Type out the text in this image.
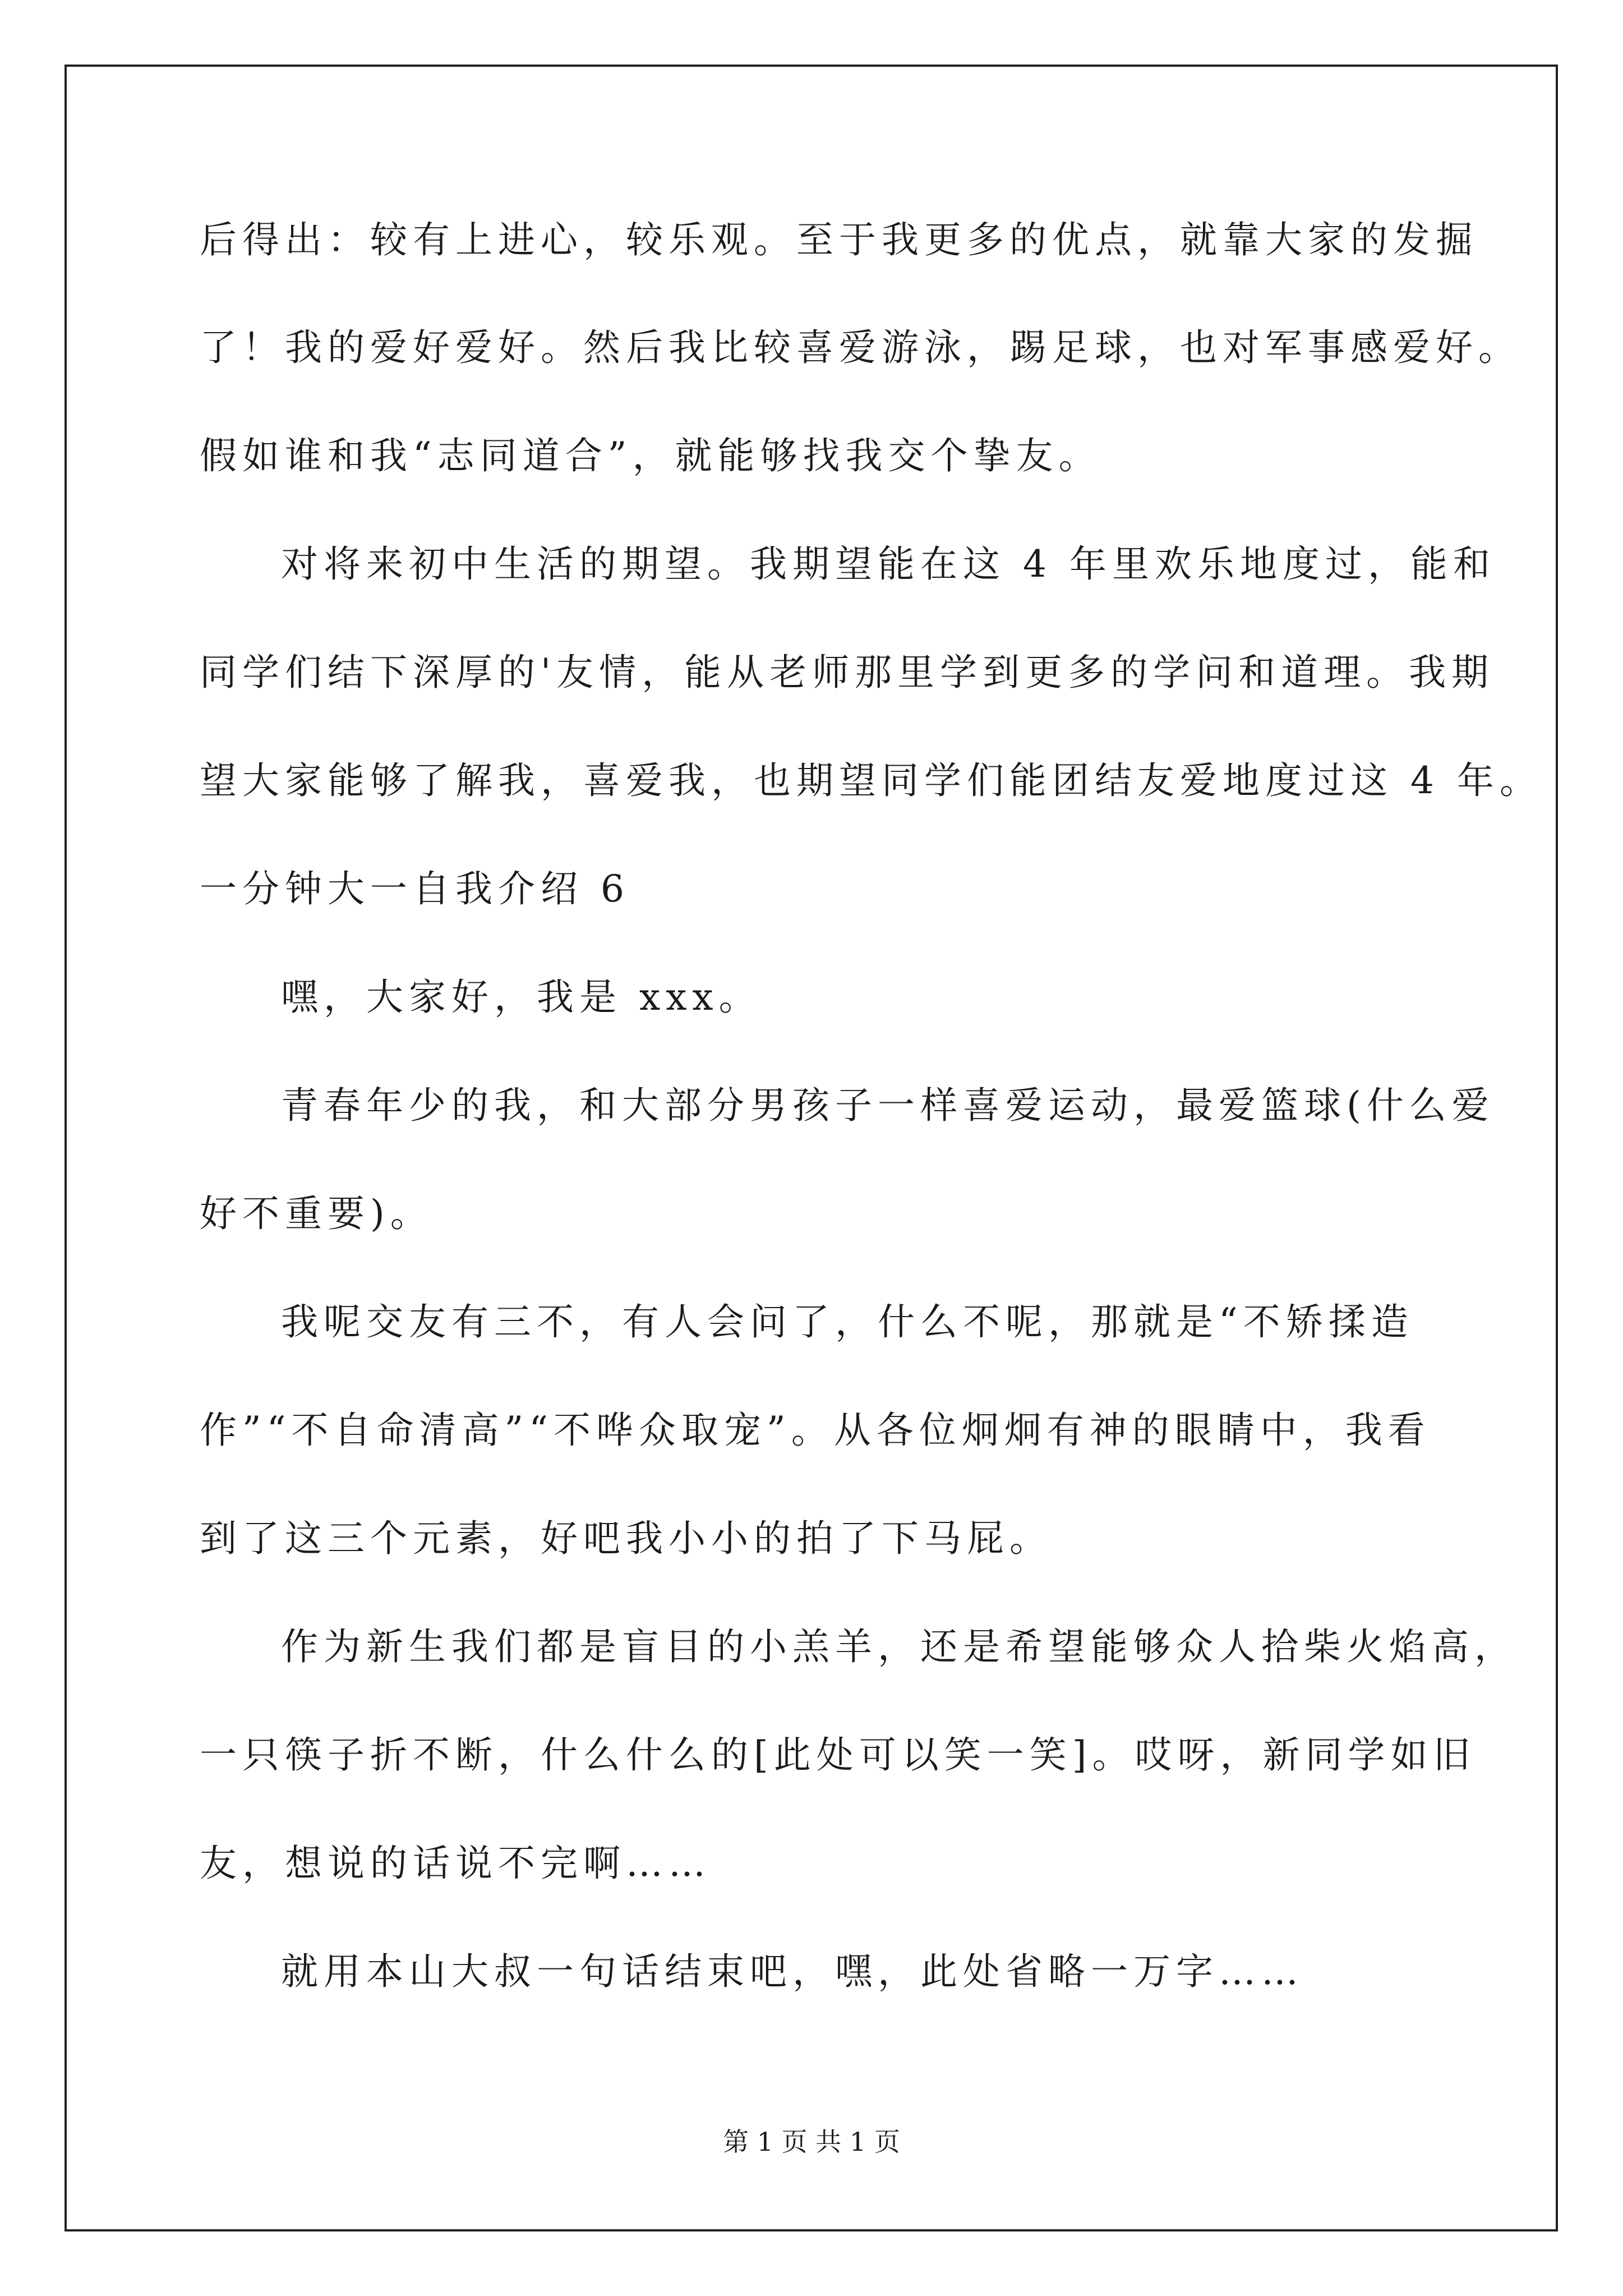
后得出：较有上进心，较乐观。至于我更多的优点，就靠大家的发掘
了！我的爱好爱好。然后我比较喜爱游泳，踢足球，也对军事感爱好。
假如谁和我“志同道合”，就能够找我交个挚友。
对将来初中生活的期望。我期望能在这 4 年里欢乐地度过，能和
同学们结下深厚的'友情，能从老师那里学到更多的学问和道理。我期
望大家能够了解我，喜爱我，也期望同学们能团结友爱地度过这 4 年。
一分钟大一自我介绍 6
嘿，大家好，我是 xxx。
青春年少的我，和大部分男孩子一样喜爱运动，最爱篮球(什么爱
好不重要)。
我呢交友有三不，有人会问了，什么不呢，那就是“不矫揉造
作”“不自命清高”“不哗众取宠”。从各位炯炯有神的眼睛中，我看
到了这三个元素，好吧我小小的拍了下马屁。
作为新生我们都是盲目的小羔羊，还是希望能够众人拾柴火焰高，
一只筷子折不断，什么什么的[此处可以笑一笑]。哎呀，新同学如旧
友，想说的话说不完啊……
就用本山大叔一句话结束吧，嘿，此处省略一万字……
第 1 页 共 1 页
